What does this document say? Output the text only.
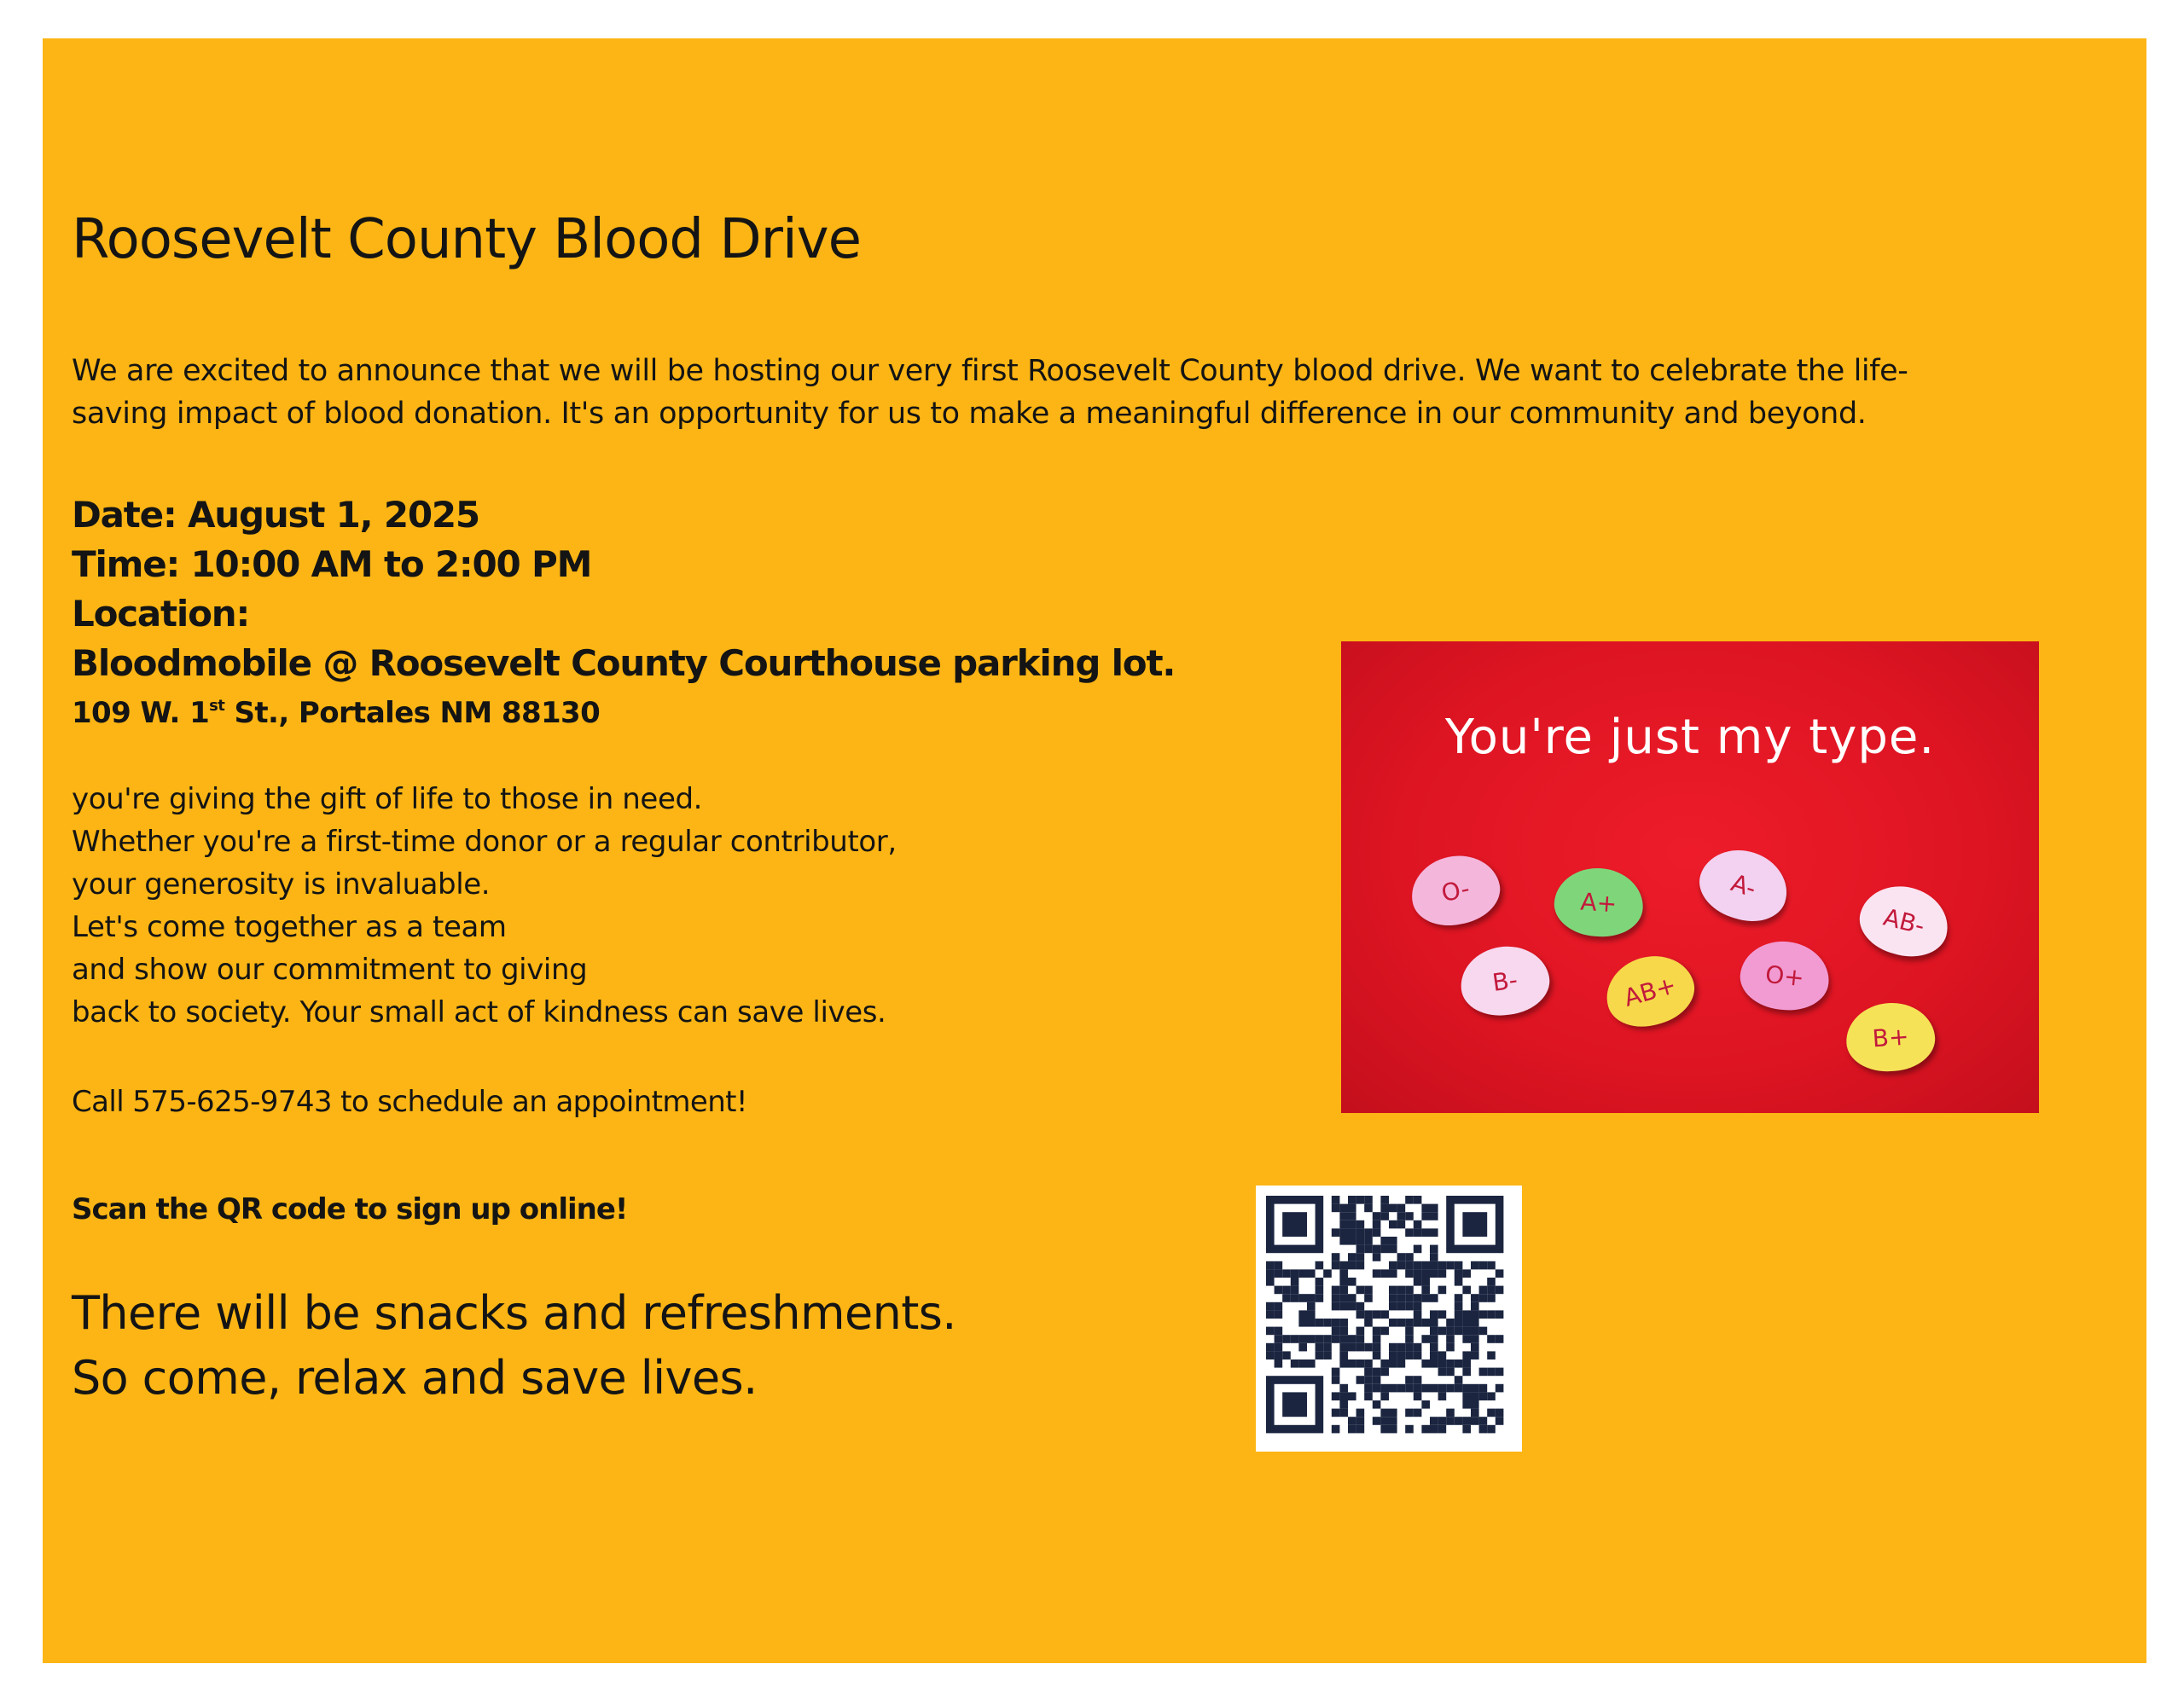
Roosevelt County Blood Drive
We are excited to announce that we will be hosting our very first Roosevelt County blood drive. We want to celebrate the life-
saving impact of blood donation. It's an opportunity for us to make a meaningful difference in our community and beyond.
Date: August 1, 2025
Time: 10:00 AM to 2:00 PM
Location:
Bloodmobile @ Roosevelt County Courthouse parking lot.
109 W. 1st St., Portales NM 88130
you're giving the gift of life to those in need.
Whether you're a first-time donor or a regular contributor,
your generosity is invaluable.
Let's come together as a team
and show our commitment to giving
back to society. Your small act of kindness can save lives.
Call 575-625-9743 to schedule an appointment!
Scan the QR code to sign up online!
There will be snacks and refreshments.
So come, relax and save lives.
You're just my type.
O-	A+	A-
AB-
B-	AB+	O+
B+
